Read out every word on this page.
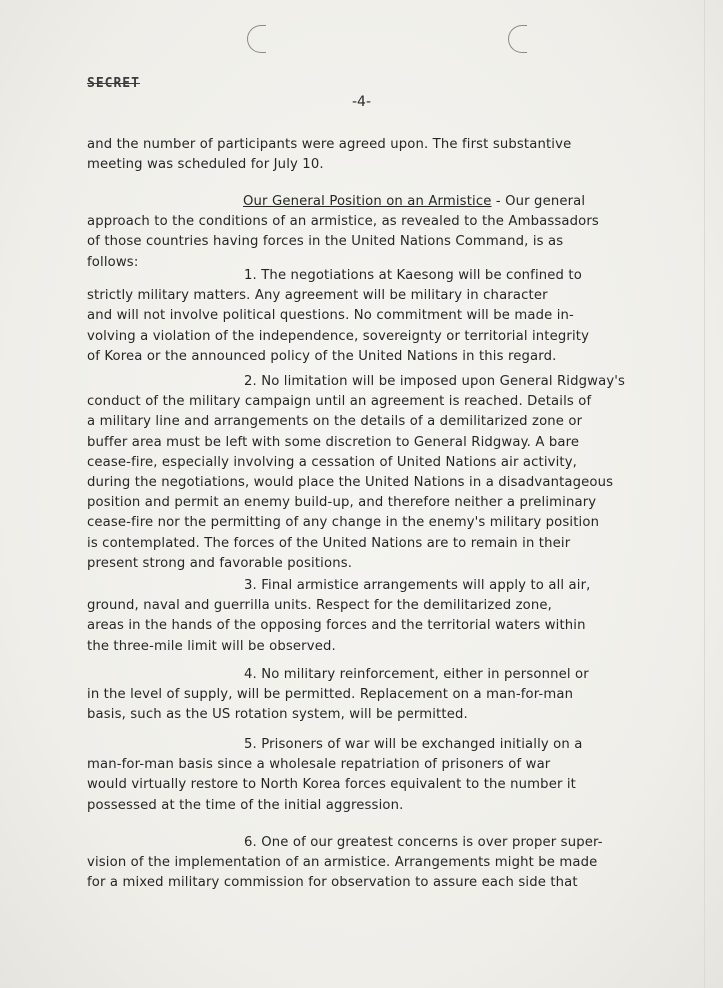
SECRET
-4-
and the number of participants were agreed upon. The first substantive
meeting was scheduled for July 10.
Our General Position on an Armistice - Our general
approach to the conditions of an armistice, as revealed to the Ambassadors
of those countries having forces in the United Nations Command, is as
follows:
1. The negotiations at Kaesong will be confined to
strictly military matters. Any agreement will be military in character
and will not involve political questions. No commitment will be made in-
volving a violation of the independence, sovereignty or territorial integrity
of Korea or the announced policy of the United Nations in this regard.
2. No limitation will be imposed upon General Ridgway's
conduct of the military campaign until an agreement is reached. Details of
a military line and arrangements on the details of a demilitarized zone or
buffer area must be left with some discretion to General Ridgway. A bare
cease-fire, especially involving a cessation of United Nations air activity,
during the negotiations, would place the United Nations in a disadvantageous
position and permit an enemy build-up, and therefore neither a preliminary
cease-fire nor the permitting of any change in the enemy's military position
is contemplated. The forces of the United Nations are to remain in their
present strong and favorable positions.
3. Final armistice arrangements will apply to all air,
ground, naval and guerrilla units. Respect for the demilitarized zone,
areas in the hands of the opposing forces and the territorial waters within
the three-mile limit will be observed.
4. No military reinforcement, either in personnel or
in the level of supply, will be permitted. Replacement on a man-for-man
basis, such as the US rotation system, will be permitted.
5. Prisoners of war will be exchanged initially on a
man-for-man basis since a wholesale repatriation of prisoners of war
would virtually restore to North Korea forces equivalent to the number it
possessed at the time of the initial aggression.
6. One of our greatest concerns is over proper super-
vision of the implementation of an armistice. Arrangements might be made
for a mixed military commission for observation to assure each side that
